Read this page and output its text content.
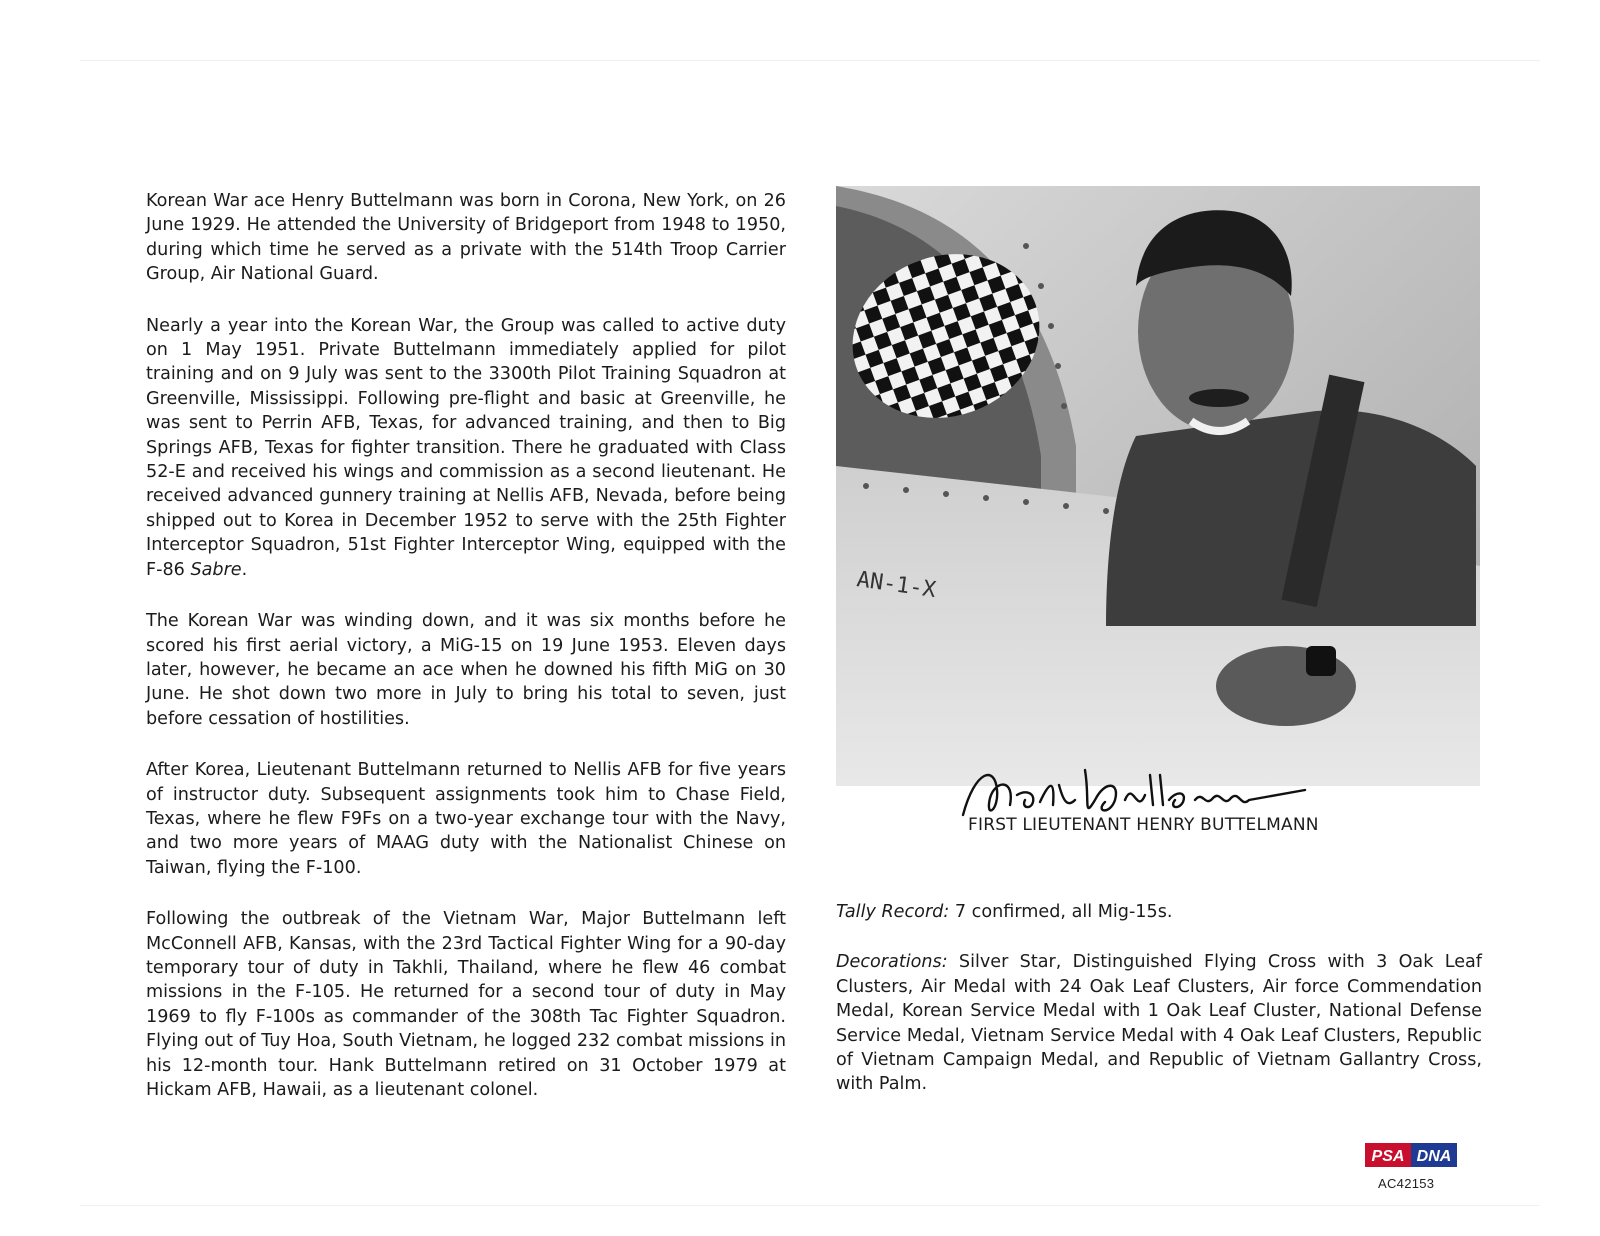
Korean War ace Henry Buttelmann was born in Corona, New York, on 26 June 1929. He attended the University of Bridgeport from 1948 to 1950, during which time he served as a private with the 514th Troop Carrier Group, Air National Guard.

Nearly a year into the Korean War, the Group was called to active duty on 1 May 1951. Private Buttelmann immediately applied for pilot training and on 9 July was sent to the 3300th Pilot Training Squadron at Greenville, Mississippi. Following pre-flight and basic at Greenville, he was sent to Perrin AFB, Texas, for advanced training, and then to Big Springs AFB, Texas for fighter transition. There he graduated with Class 52-E and received his wings and commission as a second lieutenant. He received advanced gunnery training at Nellis AFB, Nevada, before being shipped out to Korea in December 1952 to serve with the 25th Fighter Interceptor Squadron, 51st Fighter Interceptor Wing, equipped with the F-86 Sabre.

The Korean War was winding down, and it was six months before he scored his first aerial victory, a MiG-15 on 19 June 1953. Eleven days later, however, he became an ace when he downed his fifth MiG on 30 June. He shot down two more in July to bring his total to seven, just before cessation of hostilities.

After Korea, Lieutenant Buttelmann returned to Nellis AFB for five years of instructor duty. Subsequent assignments took him to Chase Field, Texas, where he flew F9Fs on a two-year exchange tour with the Navy, and two more years of MAAG duty with the Nationalist Chinese on Taiwan, flying the F-100.

Following the outbreak of the Vietnam War, Major Buttelmann left McConnell AFB, Kansas, with the 23rd Tactical Fighter Wing for a 90-day temporary tour of duty in Takhli, Thailand, where he flew 46 combat missions in the F-105. He returned for a second tour of duty in May 1969 to fly F-100s as commander of the 308th Tac Fighter Squadron. Flying out of Tuy Hoa, South Vietnam, he logged 232 combat missions in his 12-month tour. Hank Buttelmann retired on 31 October 1979 at Hickam AFB, Hawaii, as a lieutenant colonel.

AN-1-X
FIRST LIEUTENANT HENRY BUTTELMANN

Tally Record: 7 confirmed, all Mig-15s.

Decorations: Silver Star, Distinguished Flying Cross with 3 Oak Leaf Clusters, Air Medal with 24 Oak Leaf Clusters, Air force Commendation Medal, Korean Service Medal with 1 Oak Leaf Cluster, National Defense Service Medal, Vietnam Service Medal with 4 Oak Leaf Clusters, Republic of Vietnam Campaign Medal, and Republic of Vietnam Gallantry Cross, with Palm.

PSA DNA
AC42153
